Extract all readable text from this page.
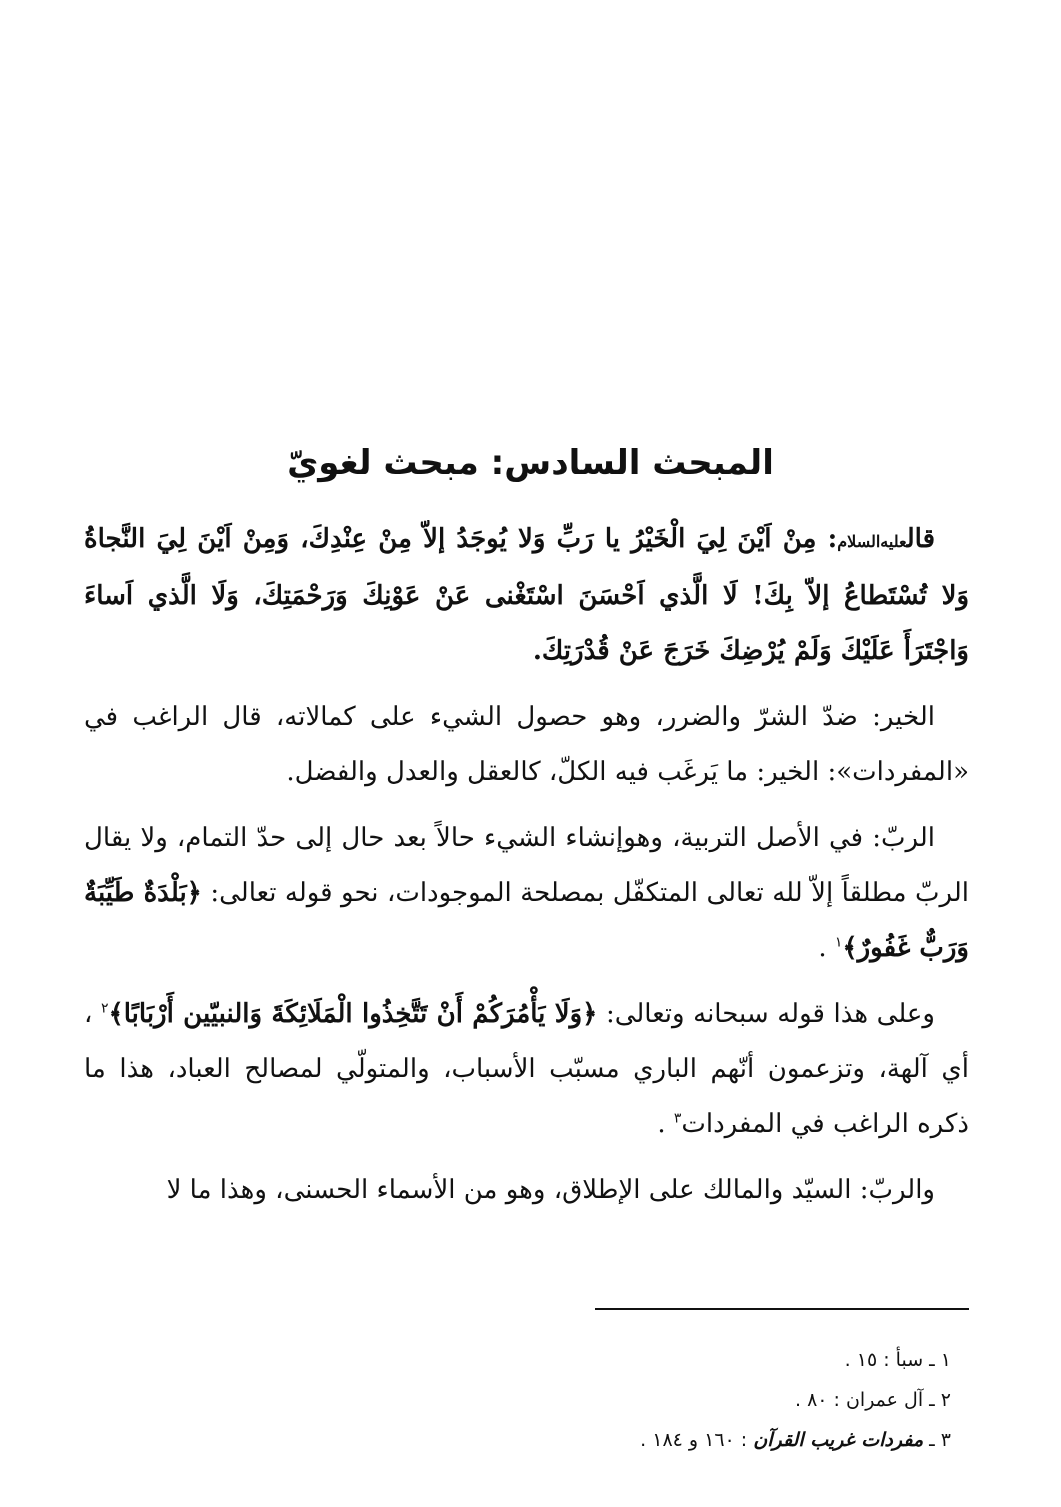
المبحث السادس: مبحث لغويّ

قالعليه‌السلام: مِنْ اَيْنَ لِيَ الْخَيْرُ يا رَبِّ وَلا يُوجَدُ إلاّ مِنْ عِنْدِكَ، وَمِنْ اَيْنَ لِيَ النَّجاةُ وَلا تُسْتَطاعُ إلاّ بِكَ! لَا الَّذي اَحْسَنَ اسْتَغْنى عَنْ عَوْنِكَ وَرَحْمَتِكَ، وَلَا الَّذي اَساءَ وَاجْتَرَأَ عَلَيْكَ وَلَمْ يُرْضِكَ خَرَجَ عَنْ قُدْرَتِكَ.

الخير: ضدّ الشرّ والضرر، وهو حصول الشيء على كمالاته، قال الراغب في «المفردات»: الخير: ما يَرغَب فيه الكلّ، كالعقل والعدل والفضل.

الربّ: في الأصل التربية، وهوإنشاء الشيء حالاً بعد حال إلى حدّ التمام، ولا يقال الربّ مطلقاً إلاّ لله تعالى المتكفّل بمصلحة الموجودات، نحو قوله تعالى: ﴿بَلْدَةٌ طَيِّبَةٌ وَرَبٌّ غَفُورٌ﴾$^١$ .

وعلى هذا قوله سبحانه وتعالى: ﴿وَلَا يَأْمُرَكُمْ أَنْ تَتَّخِذُوا الْمَلَائِكَةَ وَالنبيّين أَرْبَابًا﴾$^٢$ ، أي آلهة، وتزعمون أنّهم الباري مسبّب الأسباب، والمتولّي لمصالح العباد، هذا ما ذكره الراغب في المفردات$^٣$ .

والربّ: السيّد والمالك على الإطلاق، وهو من الأسماء الحسنى، وهذا ما لا

١ ـ سبأ : ١٥ .

٢ ـ آل عمران : ٨٠ .

٣ ـ مفردات غريب القرآن : ١٦٠ و ١٨٤ .
